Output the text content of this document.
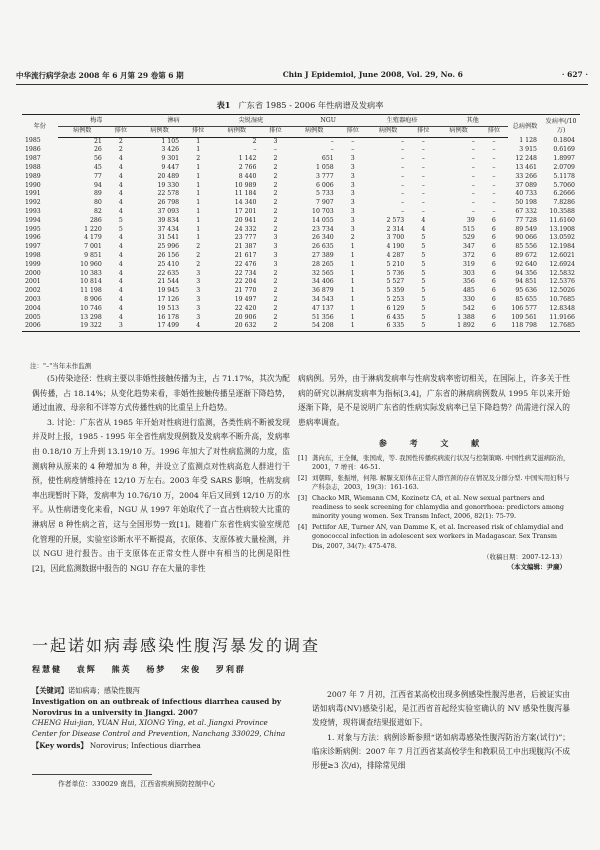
中华流行病学杂志 2008 年 6 月第 29 卷第 6 期	Chin J Epidemiol, June 2008, Vol. 29, No. 6	· 627 ·
表1 广东省 1985 - 2006 年性病谱及发病率
年份	梅毒		淋病		尖锐湿疣		NGU		生殖器疱疹		其他		总病例数	发病率(/10 万)
	病例数	排位	病例数	排位	病例数	排位	病例数	排位	病例数	排位	病例数	排位		
1985	21	2	1 105	1	2	3	–	–	–	–	–	–	1 128	0.1804
1986	26	2	3 426	1	–	–	–	–	–	–	–	–	3 915	0.6169
1987	56	4	9 301	2	1 142	2	651	3	–	–	–	–	12 248	1.8997
1988	45	4	9 447	1	2 766	2	1 058	3	–	–	–	–	13 461	2.0709
1989	77	4	20 489	1	8 440	2	3 777	3	–	–	–	–	33 266	5.1178
1990	94	4	19 330	1	10 989	2	6 006	3	–	–	–	–	37 089	5.7060
1991	89	4	22 578	1	11 184	2	5 733	3	–	–	–	–	40 733	6.2666
1992	80	4	26 798	1	14 340	2	7 907	3	–	–	–	–	50 198	7.8286
1993	82	4	37 093	1	17 201	2	10 703	3	–	–	–	–	67 332	10.3588
1994	286	5	39 834	1	20 941	2	14 055	3	2 573	4	39	6	77 728	11.6160
1995	1 220	5	37 434	1	24 332	2	23 734	3	2 314	4	515	6	89 549	13.1908
1996	4 179	4	31 541	1	23 777	3	26 340	2	3 700	5	529	6	90 066	13.0592
1997	7 001	4	25 996	2	21 387	3	26 635	1	4 190	5	347	6	85 556	12.1984
1998	9 851	4	26 156	2	21 617	3	27 389	1	4 287	5	372	6	89 672	12.6021
1999	10 960	4	25 410	2	22 476	3	28 265	1	5 210	5	319	6	92 640	12.6924
2000	10 383	4	22 635	3	22 734	2	32 565	1	5 736	5	303	6	94 356	12.5832
2001	10 814	4	21 544	3	22 204	2	34 406	1	5 527	5	356	6	94 851	12.5376
2002	11 198	4	19 945	3	21 770	2	36 879	1	5 359	5	485	6	95 636	12.5026
2003	8 906	4	17 126	3	19 497	2	34 543	1	5 253	5	330	6	85 655	10.7685
2004	10 746	4	19 513	3	22 420	2	47 137	1	6 129	5	542	6	106 577	12.8348
2005	13 298	4	16 178	3	20 906	2	51 356	1	6 435	5	1 388	6	109 561	11.9166
2006	19 322	3	17 499	4	20 632	2	54 208	1	6 335	5	1 892	6	118 798	12.7685
注："–"当年未作监测

(5)传染途径：性病主要以非婚性接触传播为主，占 71.17%，其次为配偶传播，占 18.14%；从变化趋势来看，非婚性接触传播呈逐渐下降趋势，通过血液、母亲和不详等方式传播性病的比重呈上升趋势。

3. 讨论：广东省从 1985 年开始对性病进行监测，各类性病不断被发现并及时上报，1985 - 1995 年全省性病发现例数及发病率不断升高，发病率由 0.18/10 万上升到 13.19/10 万。1996 年加大了对性病监测的力度，监测病种从原来的 4 种增加为 8 种，并设立了监测点对性病高危人群进行干预，使性病疫情维持在 12/10 万左右。2003 年受 SARS 影响，性病发病率出现暂时下降，发病率为 10.76/10 万，2004 年后又回到 12/10 万的水平。从性病谱变化来看，NGU 从 1997 年始取代了一直占性病较大比重的淋病居 8 种性病之首，这与全国形势一致[1]。随着广东省性病实验室规范化管理的开展，实验室诊断水平不断提高，衣原体、支原体被大量检测，并以 NGU 进行报告。由于支原体在正常女性人群中有相当的比例是阳性[2]，因此监测数据中报告的 NGU 存在大量的非性

病病例。另外，由于淋病发病率与性病发病率密切相关，在国际上，许多关于性病的研究以淋病发病率为指标[3,4]，广东省的淋病病例数从 1995 年以来开始逐渐下降，是不是说明广东省的性病实际发病率已呈下降趋势？尚需进行深入的患病率调查。

参 考 文 献
[1] 龚向东，王全佩，张国成，等. 我国性传播疾病流行状况与控制策略. 中国性病艾滋病防治，2001，7 增刊：46-51.
[2] 刘朝晖，张振增，何翔. 解脲支原体在正常人群宫颈的存在情况及分群分型. 中国实用妇科与产科杂志，2003，19(3)：161-163.
[3] Chacko MR, Wiemann CM, Kozinetz CA, et al. New sexual partners and readiness to seek screening for chlamydia and gonorrhoea: predictors among minority young women. Sex Transm Infect, 2006, 82(1): 75-79.
[4] Pettifor AE, Turner AN, van Damme K, et al. Increased risk of chlamydial and gonococcal infection in adolescent sex workers in Madagascar. Sex Transm Dis, 2007, 34(7): 475-478.
（收稿日期：2007-12-13）
（本文编辑：尹廉）
一起诺如病毒感染性腹泻暴发的调查
程慧健 袁辉 熊英 杨梦 宋俊 罗利群
【关键词】诺如病毒；感染性腹泻
Investigation on an outbreak of infectious diarrhea caused by Norovirus in a university in Jiangxi. 2007
CHENG Hui-jian, YUAN Hui, XIONG Ying, et al. Jiangxi Province Center for Disease Control and Prevention, Nanchang 330029, China
【Key words】 Norovirus; Infectious diarrhea
作者单位：330029 南昌，江西省疾病预防控制中心

2007 年 7 月初，江西省某高校出现多例感染性腹泻患者，后被证实由诺如病毒(NV)感染引起，是江西省首起经实验室确认的 NV 感染性腹泻暴发疫情，现将调查结果报道如下。

1. 对象与方法：病例诊断参照“诺如病毒感染性腹泻防治方案(试行)”；临床诊断病例：2007 年 7 月江西省某高校学生和教职员工中出现腹泻(不成形便≥3 次/d)，排除常见细
